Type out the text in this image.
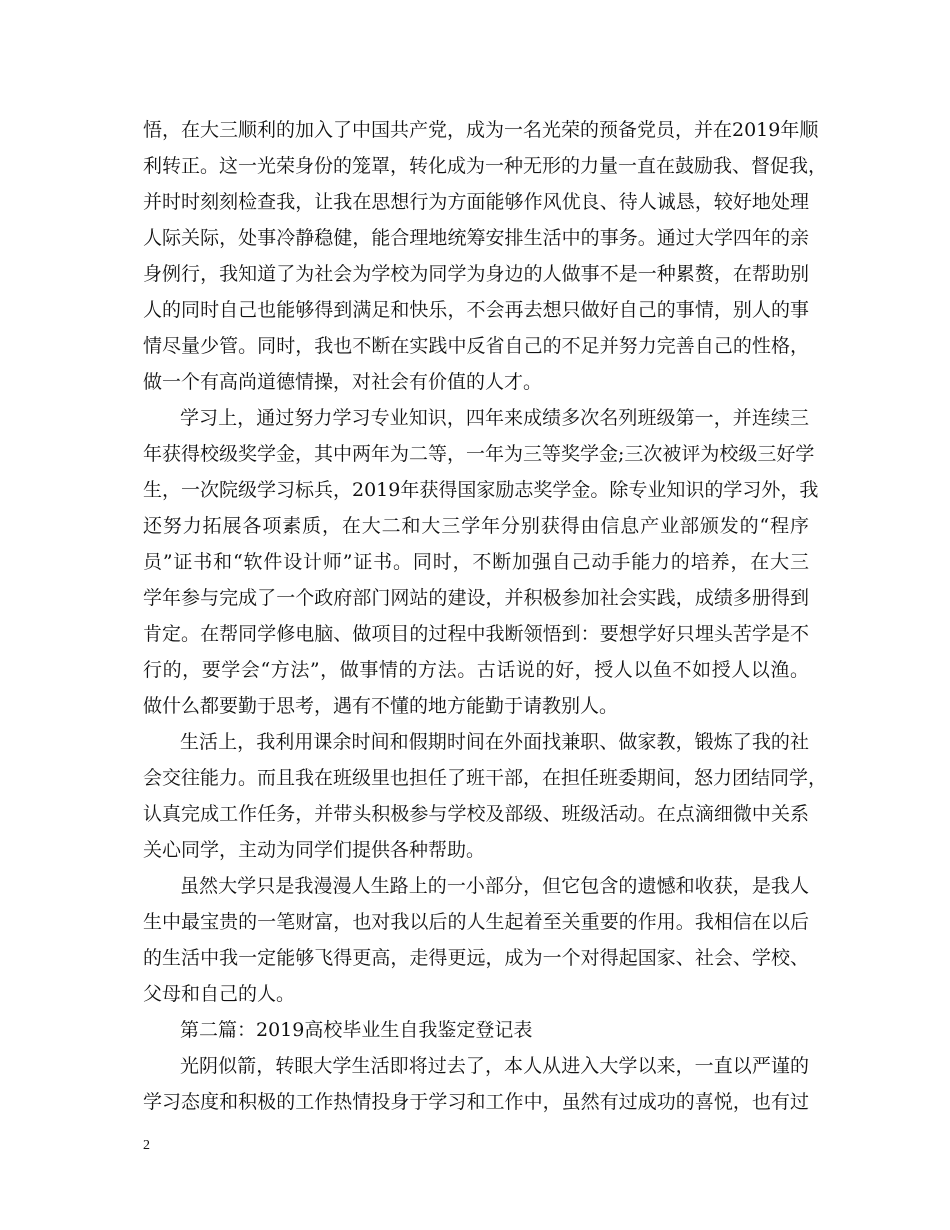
悟，在大三顺利的加入了中国共产党，成为一名光荣的预备党员，并在2019年顺
利转正。这一光荣身份的笼罩，转化成为一种无形的力量一直在鼓励我、督促我，
并时时刻刻检查我，让我在思想行为方面能够作风优良、待人诚恳，较好地处理
人际关际，处事冷静稳健，能合理地统筹安排生活中的事务。通过大学四年的亲
身例行，我知道了为社会为学校为同学为身边的人做事不是一种累赘，在帮助别
人的同时自己也能够得到满足和快乐，不会再去想只做好自己的事情，别人的事
情尽量少管。同时，我也不断在实践中反省自己的不足并努力完善自己的性格，
做一个有高尚道德情操，对社会有价值的人才。
学习上，通过努力学习专业知识，四年来成绩多次名列班级第一，并连续三
年获得校级奖学金，其中两年为二等，一年为三等奖学金;三次被评为校级三好学
生，一次院级学习标兵，2019年获得国家励志奖学金。除专业知识的学习外，我
还努力拓展各项素质，在大二和大三学年分别获得由信息产业部颁发的“程序
员”证书和“软件设计师”证书。同时，不断加强自己动手能力的培养，在大三
学年参与完成了一个政府部门网站的建设，并积极参加社会实践，成绩多册得到
肯定。在帮同学修电脑、做项目的过程中我断领悟到：要想学好只埋头苦学是不
行的，要学会“方法”，做事情的方法。古话说的好，授人以鱼不如授人以渔。
做什么都要勤于思考，遇有不懂的地方能勤于请教别人。
生活上，我利用课余时间和假期时间在外面找兼职、做家教，锻炼了我的社
会交往能力。而且我在班级里也担任了班干部，在担任班委期间，怒力团结同学，
认真完成工作任务，并带头积极参与学校及部级、班级活动。在点滴细微中关系
关心同学，主动为同学们提供各种帮助。
虽然大学只是我漫漫人生路上的一小部分，但它包含的遗憾和收获，是我人
生中最宝贵的一笔财富，也对我以后的人生起着至关重要的作用。我相信在以后
的生活中我一定能够飞得更高，走得更远，成为一个对得起国家、社会、学校、
父母和自己的人。
第二篇：2019高校毕业生自我鉴定登记表
光阴似箭，转眼大学生活即将过去了，本人从进入大学以来，一直以严谨的
学习态度和积极的工作热情投身于学习和工作中，虽然有过成功的喜悦，也有过
2
